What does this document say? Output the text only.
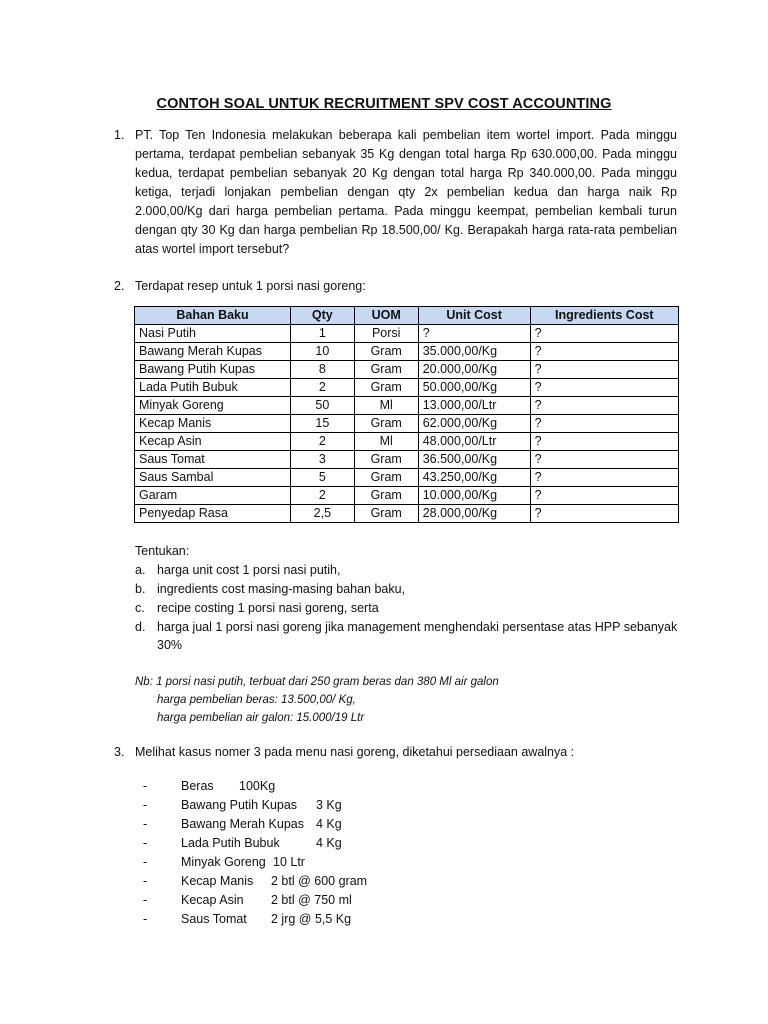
CONTOH SOAL UNTUK RECRUITMENT SPV COST ACCOUNTING
1. PT. Top Ten Indonesia melakukan beberapa kali pembelian item wortel import. Pada minggu pertama, terdapat pembelian sebanyak 35 Kg dengan total harga Rp 630.000,00. Pada minggu kedua, terdapat pembelian sebanyak 20 Kg dengan total harga Rp 340.000,00. Pada minggu ketiga, terjadi lonjakan pembelian dengan qty 2x pembelian kedua dan harga naik Rp 2.000,00/Kg dari harga pembelian pertama. Pada minggu keempat, pembelian kembali turun dengan qty 30 Kg dan harga pembelian Rp 18.500,00/ Kg. Berapakah harga rata-rata pembelian atas wortel import tersebut?
2. Terdapat resep untuk 1 porsi nasi goreng:
Bahan Baku	Qty	UOM	Unit Cost	Ingredients Cost
Nasi Putih	1	Porsi	?	?
Bawang Merah Kupas	10	Gram	35.000,00/Kg	?
Bawang Putih Kupas	8	Gram	20.000,00/Kg	?
Lada Putih Bubuk	2	Gram	50.000,00/Kg	?
Minyak Goreng	50	Ml	13.000,00/Ltr	?
Kecap Manis	15	Gram	62.000,00/Kg	?
Kecap Asin	2	Ml	48.000,00/Ltr	?
Saus Tomat	3	Gram	36.500,00/Kg	?
Saus Sambal	5	Gram	43.250,00/Kg	?
Garam	2	Gram	10.000,00/Kg	?
Penyedap Rasa	2,5	Gram	28.000,00/Kg	?
Tentukan:
a. harga unit cost 1 porsi nasi putih,
b. ingredients cost masing-masing bahan baku,
c. recipe costing 1 porsi nasi goreng, serta
d. harga jual 1 porsi nasi goreng jika management menghendaki persentase atas HPP sebanyak 30%
Nb: 1 porsi nasi putih, terbuat dari 250 gram beras dan 380 Ml air galon
harga pembelian beras: 13.500,00/ Kg,
harga pembelian air galon: 15.000/19 Ltr
3. Melihat kasus nomer 3 pada menu nasi goreng, diketahui persediaan awalnya :
-	Beras 100Kg
-	Bawang Putih Kupas 3 Kg
-	Bawang Merah Kupas 4 Kg
-	Lada Putih Bubuk	4 Kg
-	Minyak Goreng 10 Ltr
-	Kecap Manis 2 btl @ 600 gram
-	Kecap Asin 2 btl @ 750 ml
-	Saus Tomat 2 jrg @ 5,5 Kg
